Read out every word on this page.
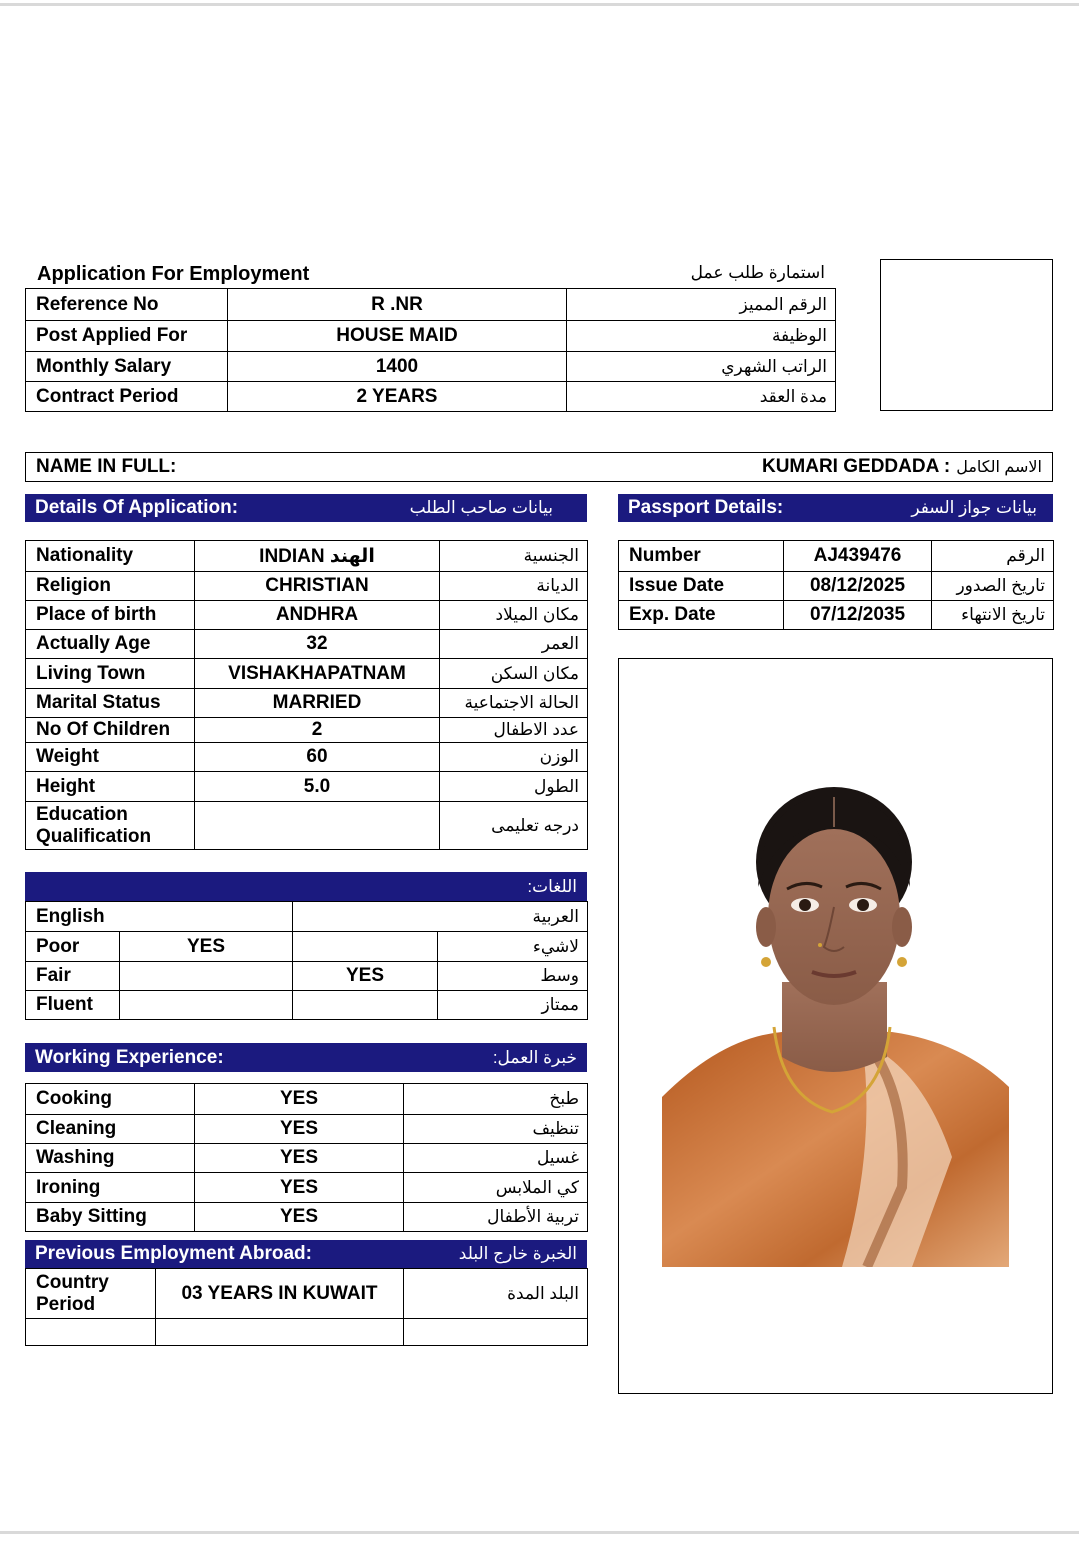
Application For Employment	استمارة طلب عمل
Reference No	R .NR	الرقم المميز
Post Applied For	HOUSE MAID	الوظيفة
Monthly Salary	1400	الراتب الشهري
Contract Period	2 YEARS	مدة العقد
NAME IN FULL:	KUMARI GEDDADA : الاسم الكامل
Details Of Application:	بيانات صاحب الطلب	Passport Details:	بيانات جواز السفر
Nationality	INDIAN الهند	الجنسية
Religion	CHRISTIAN	الديانة
Place of birth	ANDHRA	مكان الميلاد
Actually Age	32	العمر
Living Town	VISHAKHAPATNAM	مكان السكن
Marital Status	MARRIED	الحالة الاجتماعية
No Of Children	2	عدد الاطفال
Weight	60	الوزن
Height	5.0	الطول

Education
Qualification		درجه تعليمى
Number	AJ439476	الرقم
Issue Date	08/12/2025	تاريخ الصدور
Exp. Date	07/12/2035	تاريخ الانتهاء
اللغات:
English		العربية	
Poor	YES		لاشيء
Fair		YES	وسط
Fluent			ممتاز
Working Experience:	خبرة العمل:
Cooking	YES	طبخ
Cleaning	YES	تنظيف
Washing	YES	غسيل
Ironing	YES	كي الملابس
Baby Sitting	YES	تربية الأطفال
Previous Employment Abroad:	الخبرة خارج البلد
Country
Period	03 YEARS IN KUWAIT	البلد المدة
